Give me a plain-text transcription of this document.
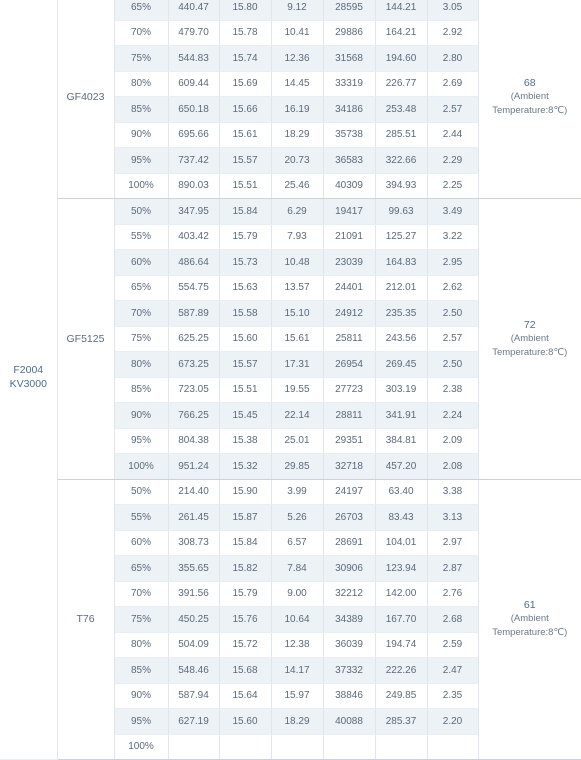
F2004
KV3000	GF4023	65%	440.47	15.80	9.12	28595	144.21	3.05	68
(Ambient Temperature:8℃)

		70%	479.70	15.78	10.41	29886	164.21	2.92	
		75%	544.83	15.74	12.36	31568	194.60	2.80	
		80%	609.44	15.69	14.45	33319	226.77	2.69	
		85%	650.18	15.66	16.19	34186	253.48	2.57	
		90%	695.66	15.61	18.29	35738	285.51	2.44	
		95%	737.42	15.57	20.73	36583	322.66	2.29	
		100%	890.03	15.51	25.46	40309	394.93	2.25	
	GF5125	50%	347.95	15.84	6.29	19417	99.63	3.49	72
(Ambient Temperature:8℃)

		55%	403.42	15.79	7.93	21091	125.27	3.22	
		60%	486.64	15.73	10.48	23039	164.83	2.95	
		65%	554.75	15.63	13.57	24401	212.01	2.62	
		70%	587.89	15.58	15.10	24912	235.35	2.50	
		75%	625.25	15.60	15.61	25811	243.56	2.57	
		80%	673.25	15.57	17.31	26954	269.45	2.50	
		85%	723.05	15.51	19.55	27723	303.19	2.38	
		90%	766.25	15.45	22.14	28811	341.91	2.24	
		95%	804.38	15.38	25.01	29351	384.81	2.09	
		100%	951.24	15.32	29.85	32718	457.20	2.08	
	T76	50%	214.40	15.90	3.99	24197	63.40	3.38	61
(Ambient Temperature:8℃)

		55%	261.45	15.87	5.26	26703	83.43	3.13	
		60%	308.73	15.84	6.57	28691	104.01	2.97	
		65%	355.65	15.82	7.84	30906	123.94	2.87	
		70%	391.56	15.79	9.00	32212	142.00	2.76	
		75%	450.25	15.76	10.64	34389	167.70	2.68	
		80%	504.09	15.72	12.38	36039	194.74	2.59	
		85%	548.46	15.68	14.17	37332	222.26	2.47	
		90%	587.94	15.64	15.97	38846	249.85	2.35	
		95%	627.19	15.60	18.29	40088	285.37	2.20	
		100%							
